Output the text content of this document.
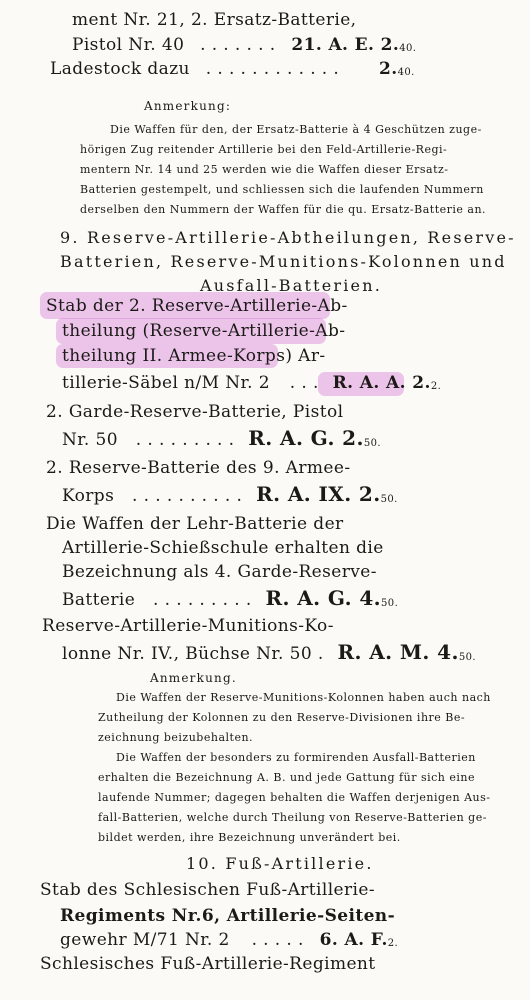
ment Nr. 21, 2. Ersatz-Batterie,
Pistol Nr. 40 . . . . . . . 21. A. E. 2.40.
Ladestock dazu . . . . . . . . . . . . 2.40.
Anmerkung:
Die Waffen für den, der Ersatz-Batterie à 4 Geschützen zuge-
hörigen Zug reitender Artillerie bei den Feld-Artillerie-Regi-
mentern Nr. 14 und 25 werden wie die Waffen dieser Ersatz-
Batterien gestempelt, und schliessen sich die laufenden Nummern
derselben den Nummern der Waffen für die qu. Ersatz-Batterie an.
9. Reserve-Artillerie-Abtheilungen, Reserve-
Batterien, Reserve-Munitions-Kolonnen und
Ausfall-Batterien.
Stab der 2. Reserve-Artillerie-Ab-
theilung (Reserve-Artillerie-Ab-
theilung II. Armee-Korps) Ar-
tillerie-Säbel n/M Nr. 2 . . . R. A. A. 2.2.
2. Garde-Reserve-Batterie, Pistol
Nr. 50 . . . . . . . . . R. A. G. 2.50.
2. Reserve-Batterie des 9. Armee-
Korps . . . . . . . . . . R. A. IX. 2.50.
Die Waffen der Lehr-Batterie der
Artillerie-Schießschule erhalten die
Bezeichnung als 4. Garde-Reserve-
Batterie . . . . . . . . . R. A. G. 4.50.
Reserve-Artillerie-Munitions-Ko-
lonne Nr. IV., Büchse Nr. 50 . R. A. M. 4.50.
Anmerkung.
Die Waffen der Reserve-Munitions-Kolonnen haben auch nach
Zutheilung der Kolonnen zu den Reserve-Divisionen ihre Be-
zeichnung beizubehalten.
Die Waffen der besonders zu formirenden Ausfall-Batterien
erhalten die Bezeichnung A. B. und jede Gattung für sich eine
laufende Nummer; dagegen behalten die Waffen derjenigen Aus-
fall-Batterien, welche durch Theilung von Reserve-Batterien ge-
bildet werden, ihre Bezeichnung unverändert bei.
10. Fuß-Artillerie.
Stab des Schlesischen Fuß-Artillerie-
Regiments Nr.6, Artillerie-Seiten-
gewehr M/71 Nr. 2 . . . . . 6. A. F.2.
Schlesisches Fuß-Artillerie-Regiment
